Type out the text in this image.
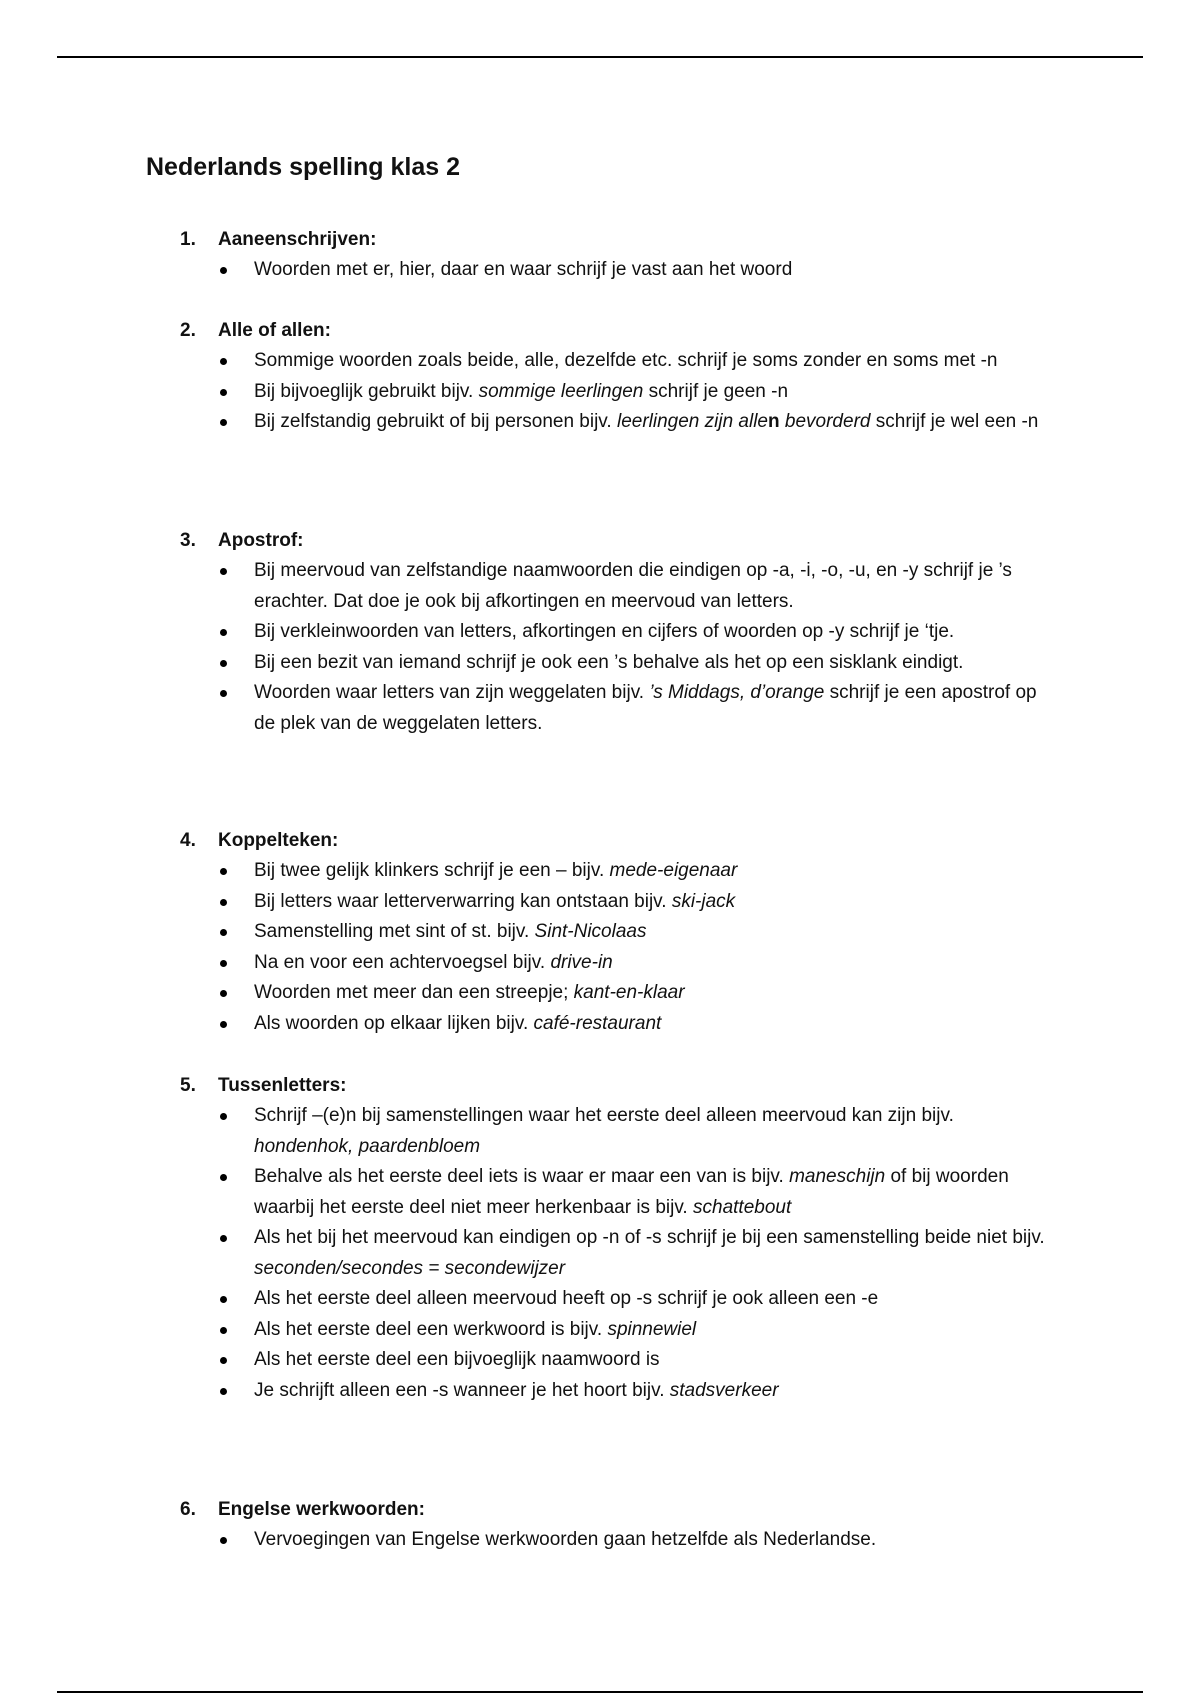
Nederlands spelling klas 2
1.	Aaneenschrijven:
Woorden met er, hier, daar en waar schrijf je vast aan het woord
2.	Alle of allen:
Sommige woorden zoals beide, alle, dezelfde etc. schrijf je soms zonder en soms met -n
Bij bijvoeglijk gebruikt bijv. sommige leerlingen schrijf je geen -n
Bij zelfstandig gebruikt of bij personen bijv. leerlingen zijn allen bevorderd schrijf je wel een -n
3.	Apostrof:
Bij meervoud van zelfstandige naamwoorden die eindigen op -a, -i, -o, -u, en -y schrijf je ’s erachter. Dat doe je ook bij afkortingen en meervoud van letters.
Bij verkleinwoorden van letters, afkortingen en cijfers of woorden op -y schrijf je ‘tje.
Bij een bezit van iemand schrijf je ook een ’s behalve als het op een sisklank eindigt.
Woorden waar letters van zijn weggelaten bijv. ’s Middags, d’orange schrijf je een apostrof op de plek van de weggelaten letters.
4.	Koppelteken:
Bij twee gelijk klinkers schrijf je een – bijv. mede-eigenaar
Bij letters waar letterverwarring kan ontstaan bijv. ski-jack
Samenstelling met sint of st. bijv. Sint-Nicolaas
Na en voor een achtervoegsel bijv. drive-in
Woorden met meer dan een streepje; kant-en-klaar
Als woorden op elkaar lijken bijv. café-restaurant
5.	Tussenletters:
Schrijf –(e)n bij samenstellingen waar het eerste deel alleen meervoud kan zijn bijv. hondenhok, paardenbloem
Behalve als het eerste deel iets is waar er maar een van is bijv. maneschijn of bij woorden waarbij het eerste deel niet meer herkenbaar is bijv. schattebout
Als het bij het meervoud kan eindigen op -n of -s schrijf je bij een samenstelling beide niet bijv. seconden/secondes = secondewijzer
Als het eerste deel alleen meervoud heeft op -s schrijf je ook alleen een -e
Als het eerste deel een werkwoord is bijv. spinnewiel
Als het eerste deel een bijvoeglijk naamwoord is
Je schrijft alleen een -s wanneer je het hoort bijv. stadsverkeer
6.	Engelse werkwoorden:
Vervoegingen van Engelse werkwoorden gaan hetzelfde als Nederlandse.
